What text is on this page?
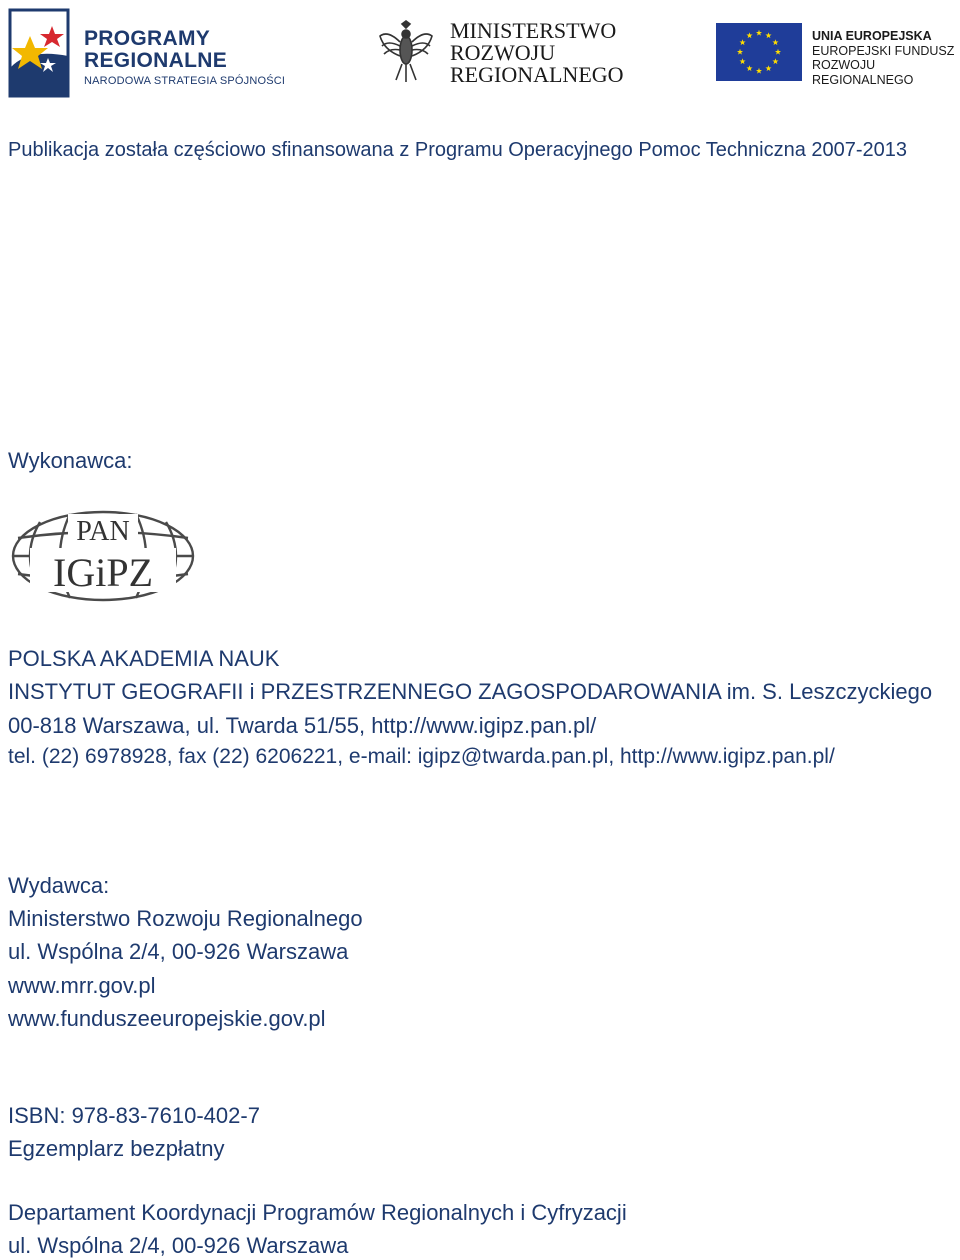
PROGRAMY
REGIONALNE
NARODOWA STRATEGIA SPÓJNOŚCI
MINISTERSTWO
ROZWOJU
REGIONALNEGO
UNIA EUROPEJSKA
EUROPEJSKI FUNDUSZ
ROZWOJU REGIONALNEGO
Publikacja została częściowo sfinansowana z Programu Operacyjnego Pomoc Techniczna 2007-2013
Wykonawca:
PAN
IGiPZ
POLSKA AKADEMIA NAUK
INSTYTUT GEOGRAFII i PRZESTRZENNEGO ZAGOSPODAROWANIA im. S. Leszczyckiego
00-818 Warszawa, ul. Twarda 51/55, http://www.igipz.pan.pl/
tel. (22) 6978928, fax (22) 6206221, e-mail: igipz@twarda.pan.pl, http://www.igipz.pan.pl/
Wydawca:
Ministerstwo Rozwoju Regionalnego
ul. Wspólna 2/4, 00-926 Warszawa
www.mrr.gov.pl
www.funduszeeuropejskie.gov.pl
ISBN: 978-83-7610-402-7
Egzemplarz bezpłatny
Departament Koordynacji Programów Regionalnych i Cyfryzacji
ul. Wspólna 2/4, 00-926 Warszawa
